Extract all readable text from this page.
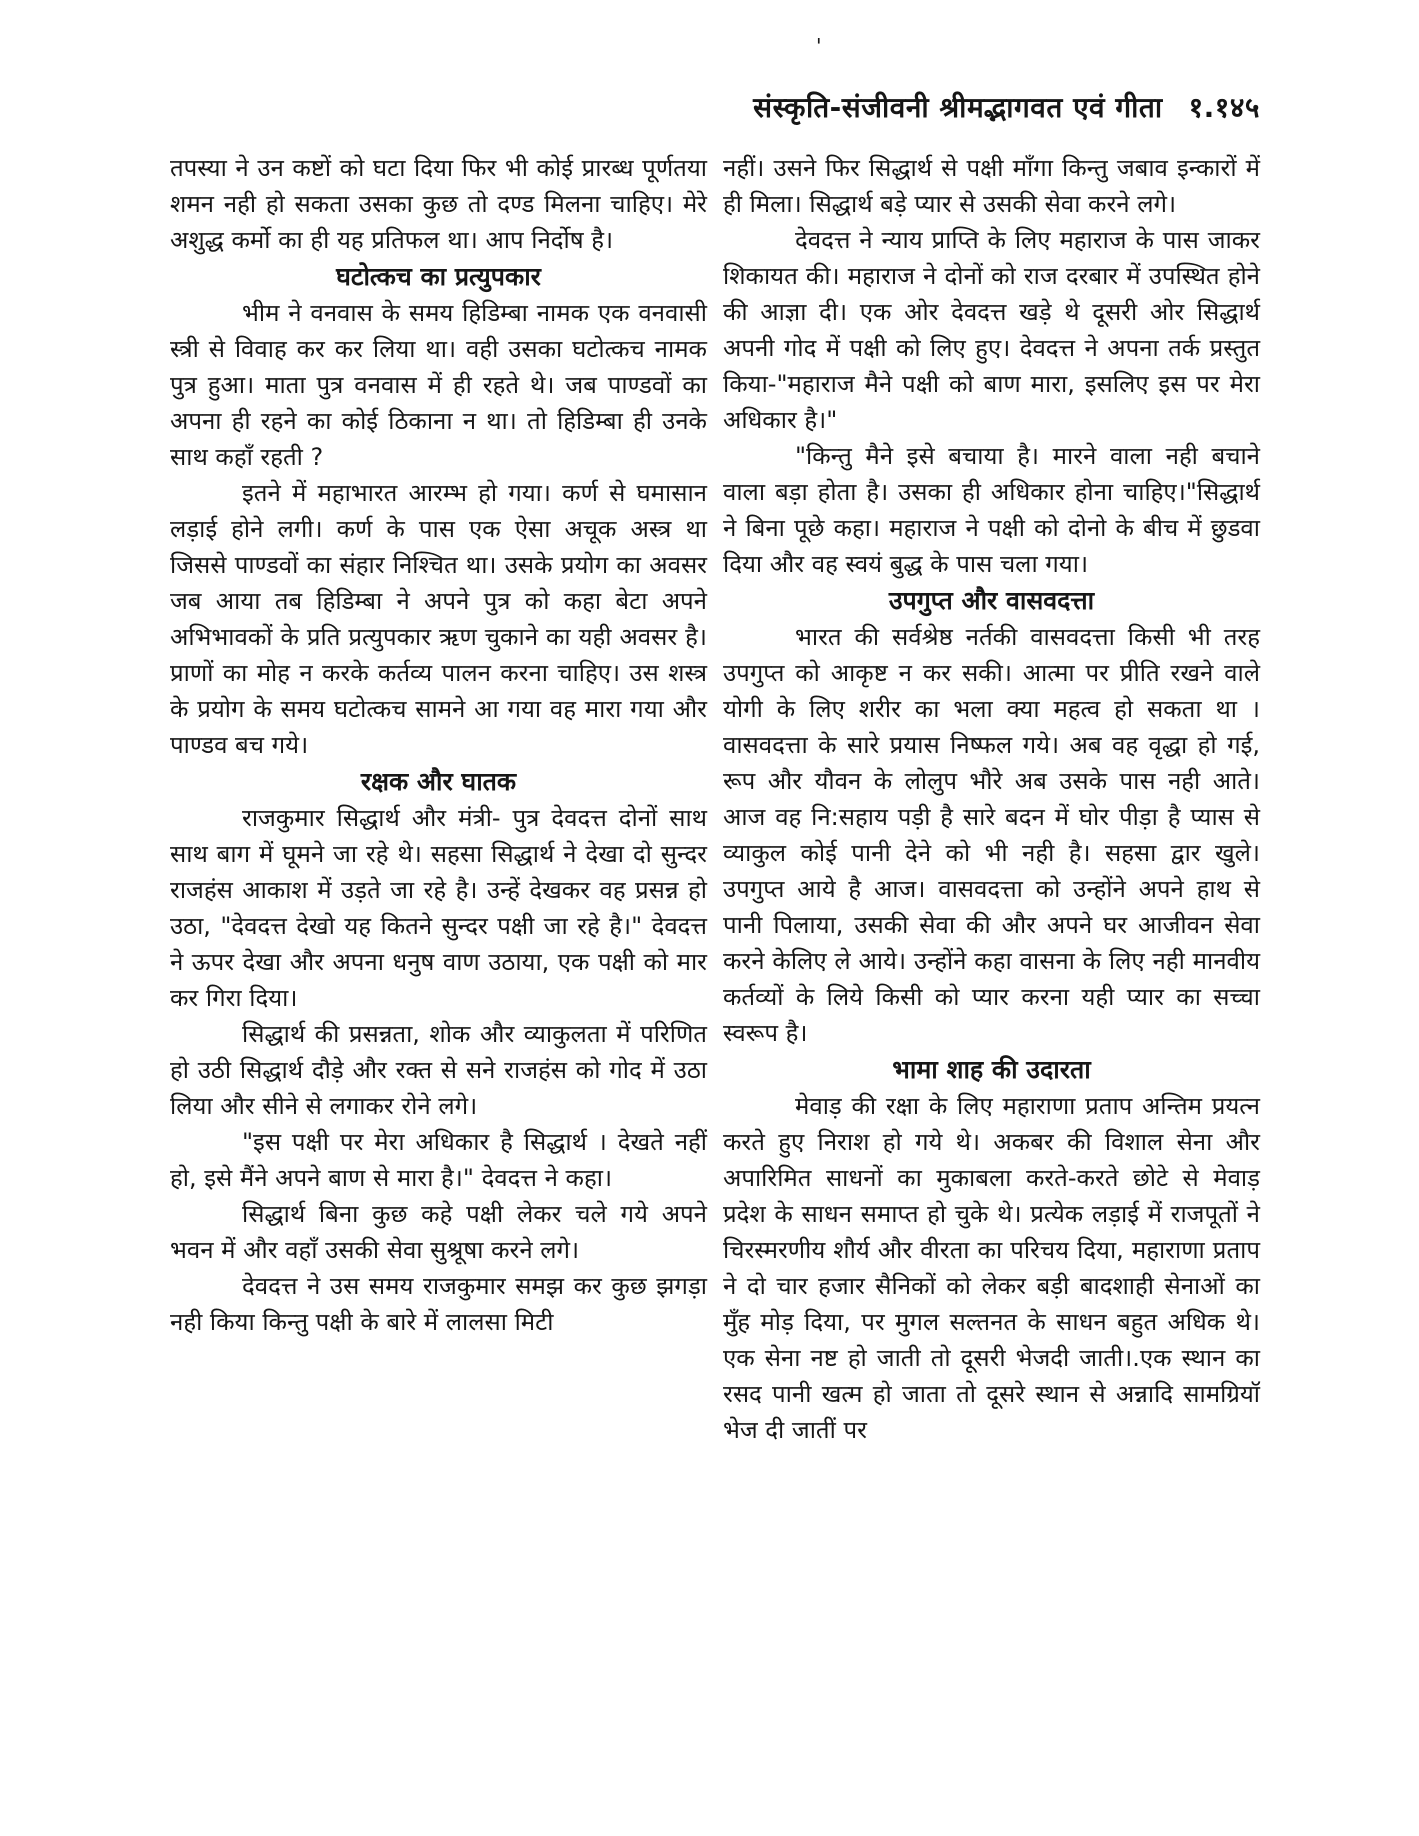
'
संस्कृति-संजीवनी श्रीमद्भागवत एवं गीता १.१४५

तपस्या ने उन कष्टों को घटा दिया फिर भी कोई प्रारब्ध पूर्णतया शमन नही हो सकता उसका कुछ तो दण्ड मिलना चाहिए। मेरे अशुद्ध कर्मो का ही यह प्रतिफल था। आप निर्दोष है।

घटोत्कच का प्रत्युपकार

भीम ने वनवास के समय हिडिम्बा नामक एक वनवासी स्त्री से विवाह कर कर लिया था। वही उसका घटोत्कच नामक पुत्र हुआ। माता पुत्र वनवास में ही रहते थे। जब पाण्डवों का अपना ही रहने का कोई ठिकाना न था। तो हिडिम्बा ही उनके साथ कहाँ रहती ?

इतने में महाभारत आरम्भ हो गया। कर्ण से घमासान लड़ाई होने लगी। कर्ण के पास एक ऐसा अचूक अस्त्र था जिससे पाण्डवों का संहार निश्चित था। उसके प्रयोग का अवसर जब आया तब हिडिम्बा ने अपने पुत्र को कहा बेटा अपने अभिभावकों के प्रति प्रत्युपकार ऋण चुकाने का यही अवसर है। प्राणों का मोह न करके कर्तव्य पालन करना चाहिए। उस शस्त्र के प्रयोग के समय घटोत्कच सामने आ गया वह मारा गया और पाण्डव बच गये।

रक्षक और घातक

राजकुमार सिद्धार्थ और मंत्री- पुत्र देवदत्त दोनों साथ साथ बाग में घूमने जा रहे थे। सहसा सिद्धार्थ ने देखा दो सुन्दर राजहंस आकाश में उड़ते जा रहे है। उन्हें देखकर वह प्रसन्न हो उठा, "देवदत्त देखो यह कितने सुन्दर पक्षी जा रहे है।" देवदत्त ने ऊपर देखा और अपना धनुष वाण उठाया, एक पक्षी को मार कर गिरा दिया।

सिद्धार्थ की प्रसन्नता, शोक और व्याकुलता में परिणित हो उठी सिद्धार्थ दौड़े और रक्त से सने राजहंस को गोद में उठा लिया और सीने से लगाकर रोने लगे।

"इस पक्षी पर मेरा अधिकार है सिद्धार्थ । देखते नहीं हो, इसे मैंने अपने बाण से मारा है।" देवदत्त ने कहा।

सिद्धार्थ बिना कुछ कहे पक्षी लेकर चले गये अपने भवन में और वहाँ उसकी सेवा सुश्रूषा करने लगे।

देवदत्त ने उस समय राजकुमार समझ कर कुछ झगड़ा नही किया किन्तु पक्षी के बारे में लालसा मिटी

नहीं। उसने फिर सिद्धार्थ से पक्षी माँगा किन्तु जबाव इन्कारों में ही मिला। सिद्धार्थ बड़े प्यार से उसकी सेवा करने लगे।

देवदत्त ने न्याय प्राप्ति के लिए महाराज के पास जाकर शिकायत की। महाराज ने दोनों को राज दरबार में उपस्थित होने की आज्ञा दी। एक ओर देवदत्त खड़े थे दूसरी ओर सिद्धार्थ अपनी गोद में पक्षी को लिए हुए। देवदत्त ने अपना तर्क प्रस्तुत किया-"महाराज मैने पक्षी को बाण मारा, इसलिए इस पर मेरा अधिकार है।"

"किन्तु मैने इसे बचाया है। मारने वाला नही बचाने वाला बड़ा होता है। उसका ही अधिकार होना चाहिए।"सिद्धार्थ ने बिना पूछे कहा। महाराज ने पक्षी को दोनो के बीच में छुडवा दिया और वह स्वयं बुद्ध के पास चला गया।

उपगुप्त और वासवदत्ता

भारत की सर्वश्रेष्ठ नर्तकी वासवदत्ता किसी भी तरह उपगुप्त को आकृष्ट न कर सकी। आत्मा पर प्रीति रखने वाले योगी के लिए शरीर का भला क्या महत्व हो सकता था ।वासवदत्ता के सारे प्रयास निष्फल गये। अब वह वृद्धा हो गई, रूप और यौवन के लोलुप भौरे अब उसके पास नही आते। आज वह नि:सहाय पड़ी है सारे बदन में घोर पीड़ा है प्यास से व्याकुल कोई पानी देने को भी नही है। सहसा द्वार खुले। उपगुप्त आये है आज। वासवदत्ता को उन्होंने अपने हाथ से पानी पिलाया, उसकी सेवा की और अपने घर आजीवन सेवा करने केलिए ले आये। उन्होंने कहा वासना के लिए नही मानवीय कर्तव्यों के लिये किसी को प्यार करना यही प्यार का सच्चा स्वरूप है।

भामा शाह की उदारता

मेवाड़ की रक्षा के लिए महाराणा प्रताप अन्तिम प्रयत्न करते हुए निराश हो गये थे। अकबर की विशाल सेना और अपारिमित साधनों का मुकाबला करते-करते छोटे से मेवाड़ प्रदेश के साधन समाप्त हो चुके थे। प्रत्येक लड़ाई में राजपूतों ने चिरस्मरणीय शौर्य और वीरता का परिचय दिया, महाराणा प्रताप ने दो चार हजार सैनिकों को लेकर बड़ी बादशाही सेनाओं का मुँह मोड़ दिया, पर मुगल सल्तनत के साधन बहुत अधिक थे। एक सेना नष्ट हो जाती तो दूसरी भेजदी जाती।.एक स्थान का रसद पानी खत्म हो जाता तो दूसरे स्थान से अन्नादि सामग्रियॉ भेज दी जातीं पर
